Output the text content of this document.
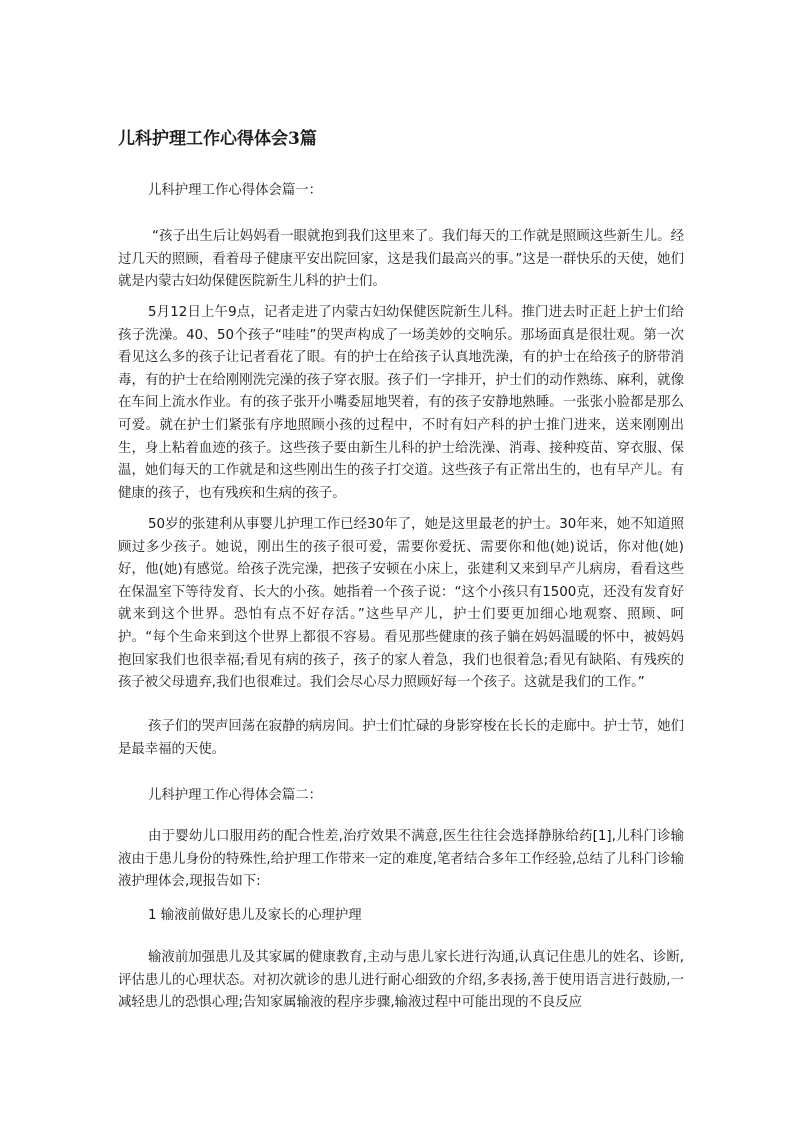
儿科护理工作心得体会3篇

儿科护理工作心得体会篇一：

“孩子出生后让妈妈看一眼就抱到我们这里来了。我们每天的工作就是照顾这些新生儿。经过几天的照顾，看着母子健康平安出院回家，这是我们最高兴的事。”这是一群快乐的天使，她们就是内蒙古妇幼保健医院新生儿科的护士们。

5月12日上午9点，记者走进了内蒙古妇幼保健医院新生儿科。推门进去时正赶上护士们给孩子洗澡。40、50个孩子“哇哇”的哭声构成了一场美妙的交响乐。那场面真是很壮观。第一次看见这么多的孩子让记者看花了眼。有的护士在给孩子认真地洗澡，有的护士在给孩子的脐带消毒，有的护士在给刚刚洗完澡的孩子穿衣服。孩子们一字排开，护士们的动作熟练、麻利，就像在车间上流水作业。有的孩子张开小嘴委屈地哭着，有的孩子安静地熟睡。一张张小脸都是那么可爱。就在护士们紧张有序地照顾小孩的过程中，不时有妇产科的护士推门进来，送来刚刚出生，身上粘着血迹的孩子。这些孩子要由新生儿科的护士给洗澡、消毒、接种疫苗、穿衣服、保温，她们每天的工作就是和这些刚出生的孩子打交道。这些孩子有正常出生的，也有早产儿。有健康的孩子，也有残疾和生病的孩子。

50岁的张建利从事婴儿护理工作已经30年了，她是这里最老的护士。30年来，她不知道照顾过多少孩子。她说，刚出生的孩子很可爱，需要你爱抚、需要你和他(她)说话，你对他(她)好，他(她)有感觉。给孩子洗完澡，把孩子安顿在小床上，张建利又来到早产儿病房，看看这些在保温室下等待发育、长大的小孩。她指着一个孩子说：“这个小孩只有1500克，还没有发育好就来到这个世界。恐怕有点不好存活。”这些早产儿，护士们要更加细心地观察、照顾、呵护。“每个生命来到这个世界上都很不容易。看见那些健康的孩子躺在妈妈温暖的怀中，被妈妈抱回家我们也很幸福;看见有病的孩子，孩子的家人着急，我们也很着急;看见有缺陷、有残疾的孩子被父母遗弃,我们也很难过。我们会尽心尽力照顾好每一个孩子。这就是我们的工作。”

孩子们的哭声回荡在寂静的病房间。护士们忙碌的身影穿梭在长长的走廊中。护士节，她们是最幸福的天使。

儿科护理工作心得体会篇二：

由于婴幼儿口服用药的配合性差,治疗效果不满意,医生往往会选择静脉给药[1],儿科门诊输液由于患儿身份的特殊性,给护理工作带来一定的难度,笔者结合多年工作经验,总结了儿科门诊输液护理体会,现报告如下:

1 输液前做好患儿及家长的心理护理

输液前加强患儿及其家属的健康教育,主动与患儿家长进行沟通,认真记住患儿的姓名、诊断,评估患儿的心理状态。对初次就诊的患儿进行耐心细致的介绍,多表扬,善于使用语言进行鼓励,一减轻患儿的恐惧心理;告知家属输液的程序步骤,输液过程中可能出现的不良反应
